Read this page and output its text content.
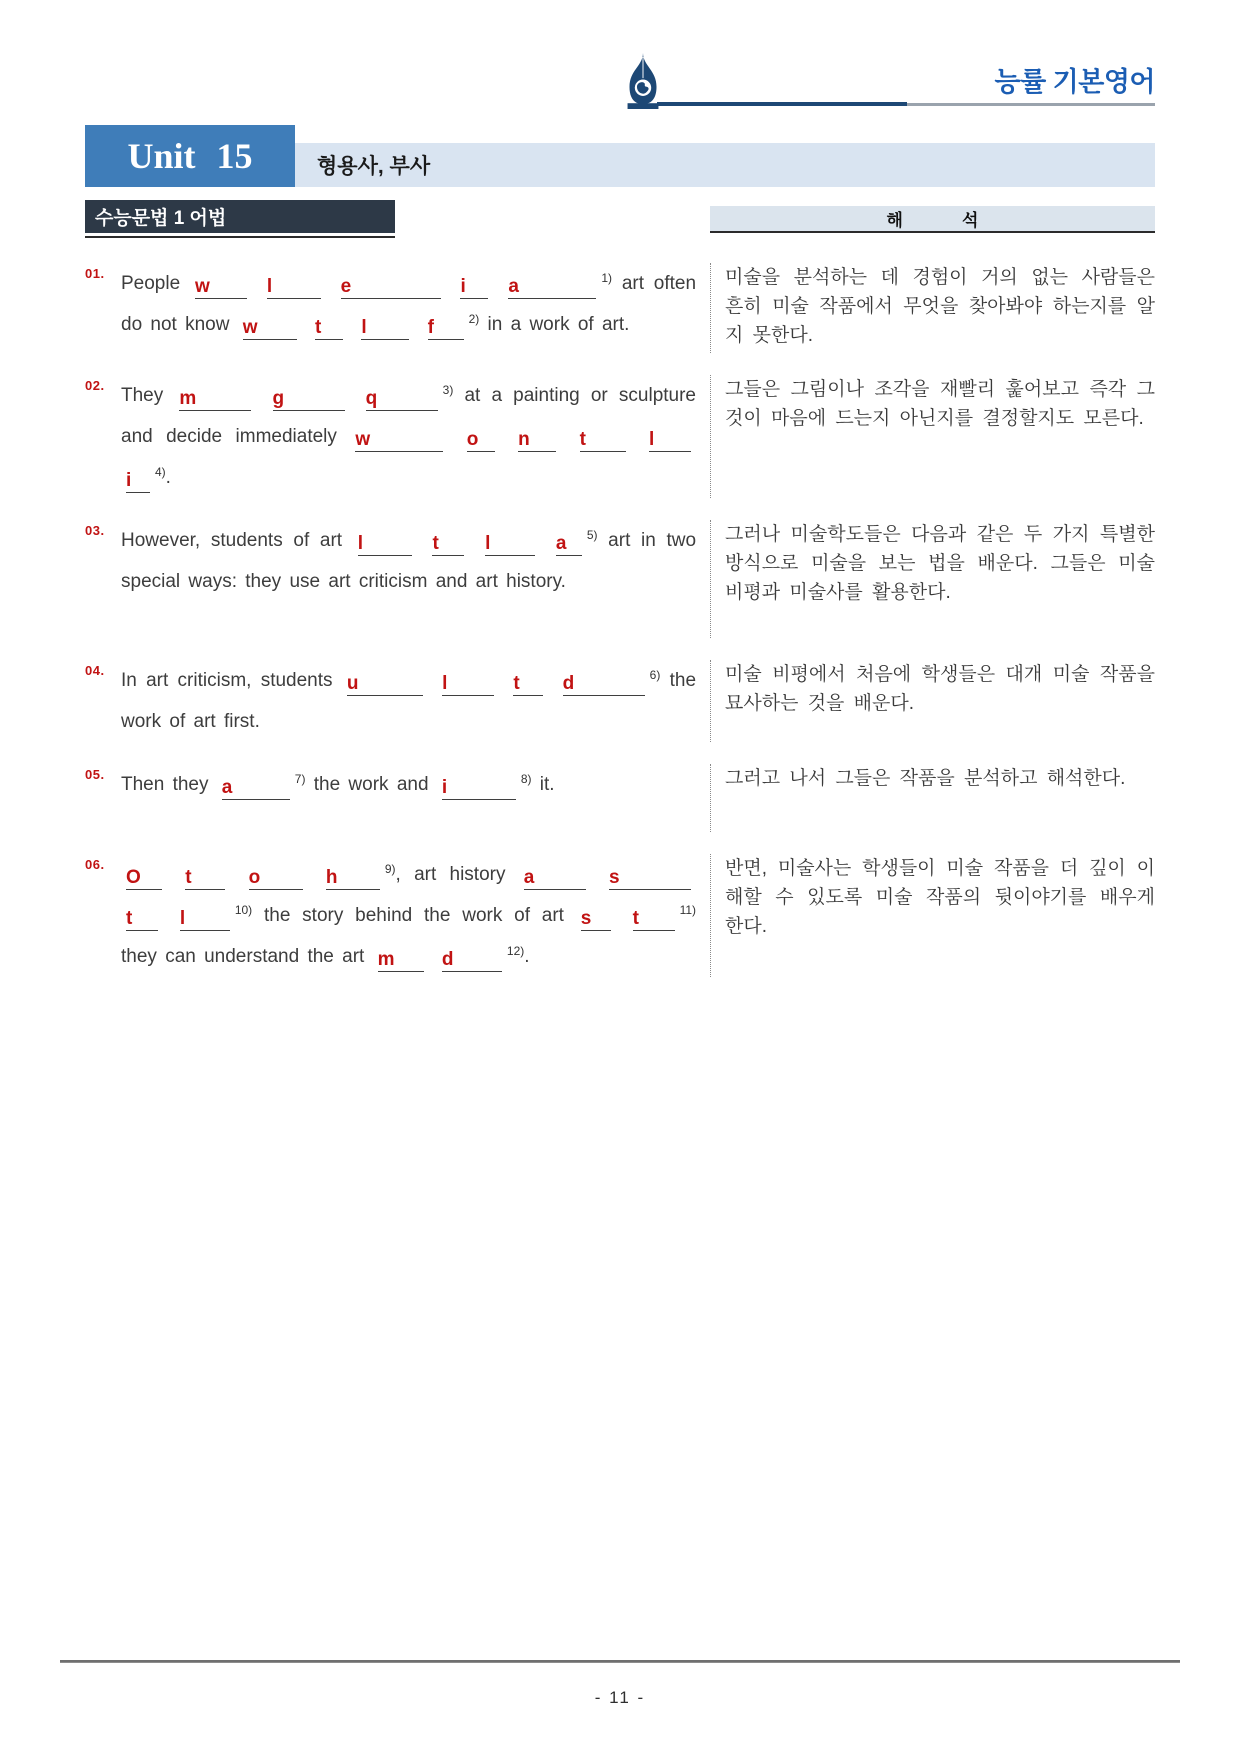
능률 기본영어
Unit 15	형용사, 부사
수능문법 1 어법	해 석
01. People w	l	e	i a	$^{1)}$ art often do not know w	t l	f	$^{2)}$ in a work of art.

미술을 분석하는 데 경험이 거의 없는 사람들은 흔히 미술 작품에서 무엇을 찾아봐야 하는지를 알지 못한다.

02. They m	g	q	$^{3)}$ at a painting or sculpture and decide immediately w	o n	t	l i $^{4)}$.

그들은 그림이나 조각을 재빨리 훑어보고 즉각 그것이 마음에 드는지 아닌지를 결정할지도 모른다.

03. However, students of art l	t l	a $^{5)}$ art in two special ways: they use art criticism and art history.

그러나 미술학도들은 다음과 같은 두 가지 특별한 방식으로 미술을 보는 법을 배운다. 그들은 미술 비평과 미술사를 활용한다.

04. In art criticism, students u	l	t d	$^{6)}$ the work of art first.

미술 비평에서 처음에 학생들은 대개 미술 작품을 묘사하는 것을 배운다.

05. Then they a	$^{7)}$ the work and i	$^{8)}$ it.	그러고 나서 그들은 작품을 분석하고 해석한다.

06.

O t	o	h	$^{9)}$, art history a	s t l	$^{10)}$ the story behind the work of art s t	$^{11)}$ they can understand the art m d	$^{12)}$.

반면, 미술사는 학생들이 미술 작품을 더 깊이 이해할 수 있도록 미술 작품의 뒷이야기를 배우게 한다.

- 11 -
